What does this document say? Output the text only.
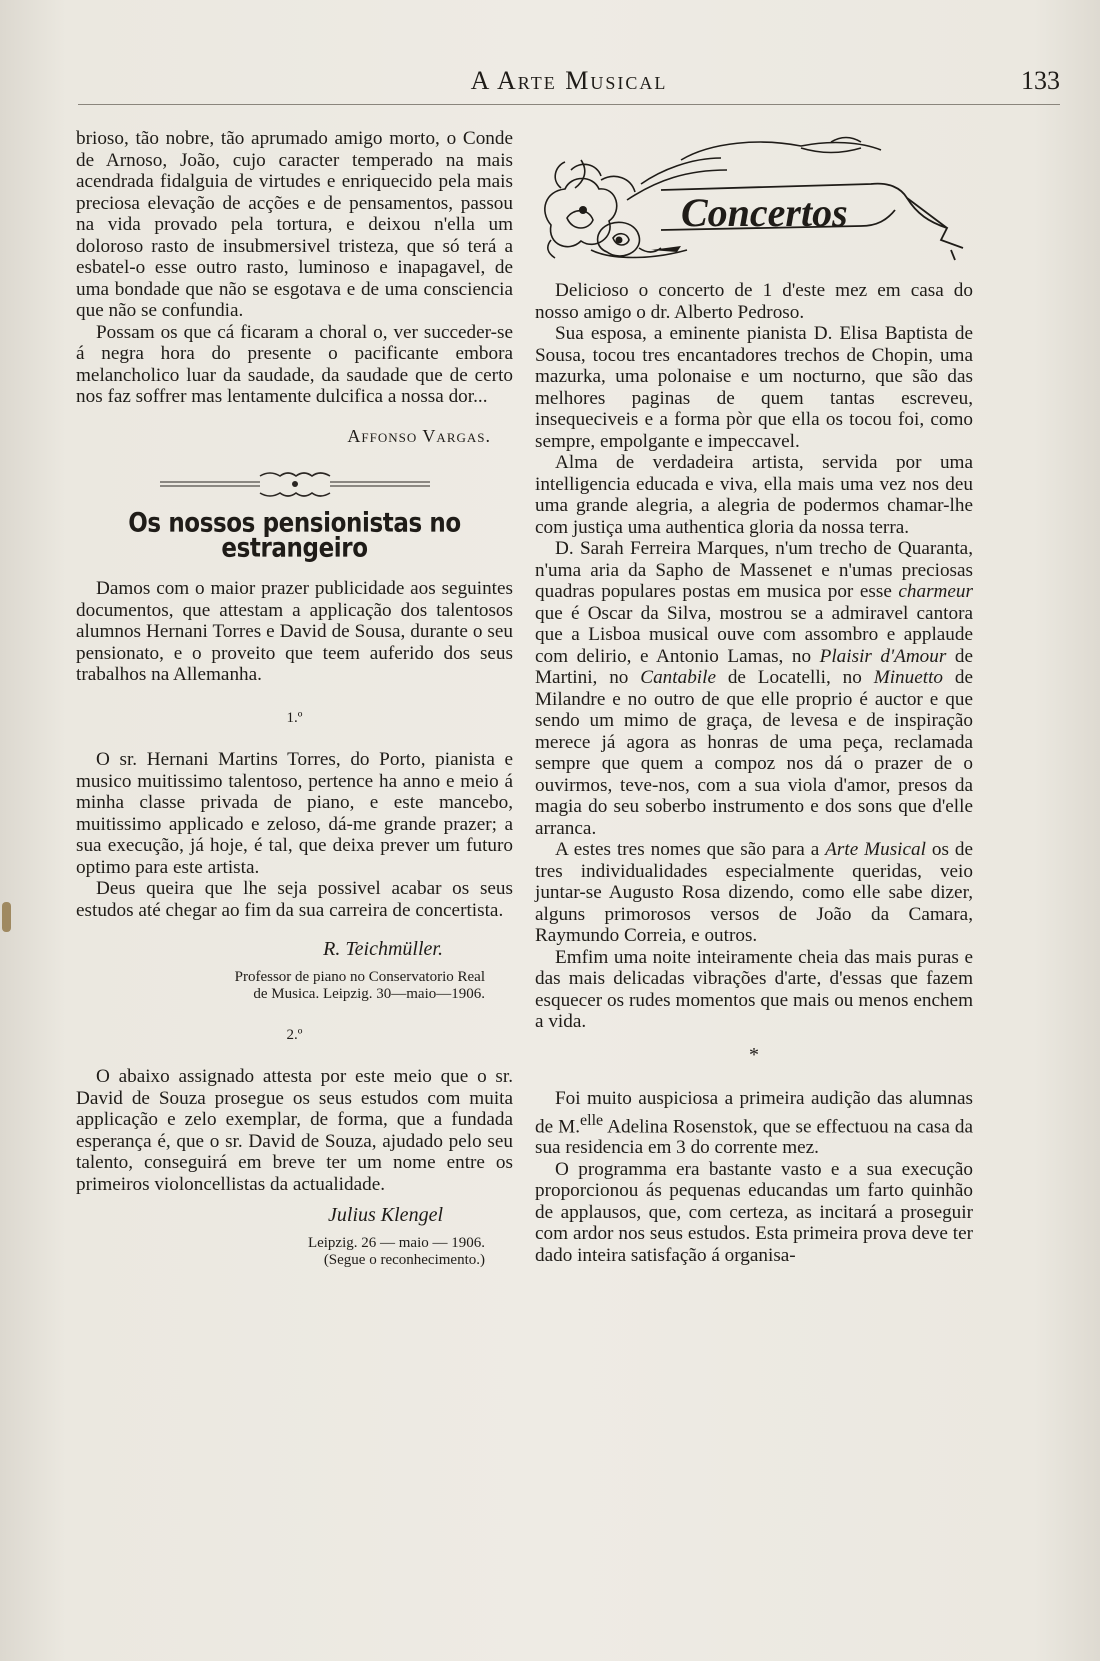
A Arte Musical	133

brioso, tão nobre, tão aprumado amigo morto, o Conde de Arnoso, João, cujo caracter temperado na mais acendrada fidalguia de virtudes e enriquecido pela mais preciosa elevação de acções e de pensamentos, passou na vida provado pela tortura, e deixou n'ella um doloroso rasto de insubmersivel tristeza, que só terá a esbatel-o esse outro rasto, luminoso e inapagavel, de uma bondade que não se esgotava e de uma consciencia que não se confundia.

Possam os que cá ficaram a choral o, ver succeder-se á negra hora do presente o pacificante embora melancholico luar da saudade, da saudade que de certo nos faz soffrer mas lentamente dulcifica a nossa dor...

Affonso Vargas.
Os nossos pensionistas no estrangeiro

Damos com o maior prazer publicidade aos seguintes documentos, que attestam a applicação dos talentosos alumnos Hernani Torres e David de Sousa, durante o seu pensionato, e o proveito que teem auferido dos seus trabalhos na Allemanha.

1.º

O sr. Hernani Martins Torres, do Porto, pianista e musico muitissimo talentoso, pertence ha anno e meio á minha classe privada de piano, e este mancebo, muitissimo applicado e zeloso, dá-me grande prazer; a sua execução, já hoje, é tal, que deixa prever um futuro optimo para este artista.

Deus queira que lhe seja possivel acabar os seus estudos até chegar ao fim da sua carreira de concertista.

R. Teichmüller.
Professor de piano no Conservatorio Real
de Musica. Leipzig. 30—maio—1906.
2.º

O abaixo assignado attesta por este meio que o sr. David de Souza prosegue os seus estudos com muita applicação e zelo exemplar, de forma, que a fundada esperança é, que o sr. David de Souza, ajudado pelo seu talento, conseguirá em breve ter um nome entre os primeiros violoncellistas da actualidade.

Julius Klengel
Leipzig. 26 — maio — 1906.
(Segue o reconhecimento.)
Concertos

Delicioso o concerto de 1 d'este mez em casa do nosso amigo o dr. Alberto Pedroso.

Sua esposa, a eminente pianista D. Elisa Baptista de Sousa, tocou tres encantadores trechos de Chopin, uma mazurka, uma polonaise e um nocturno, que são das melhores paginas de quem tantas escreveu, insequeciveis e a forma pòr que ella os tocou foi, como sempre, empolgante e impeccavel.

Alma de verdadeira artista, servida por uma intelligencia educada e viva, ella mais uma vez nos deu uma grande alegria, a alegria de podermos chamar-lhe com justiça uma authentica gloria da nossa terra.

D. Sarah Ferreira Marques, n'um trecho de Quaranta, n'uma aria da Sapho de Massenet e n'umas preciosas quadras populares postas em musica por esse charmeur que é Oscar da Silva, mostrou se a admiravel cantora que a Lisboa musical ouve com assombro e applaude com delirio, e Antonio Lamas, no Plaisir d'Amour de Martini, no Cantabile de Locatelli, no Minuetto de Milandre e no outro de que elle proprio é auctor e que sendo um mimo de graça, de levesa e de inspiração merece já agora as honras de uma peça, reclamada sempre que quem a compoz nos dá o prazer de o ouvirmos, teve-nos, com a sua viola d'amor, presos da magia do seu soberbo instrumento e dos sons que d'elle arranca.

A estes tres nomes que são para a Arte Musical os de tres individualidades especialmente queridas, veio juntar-se Augusto Rosa dizendo, como elle sabe dizer, alguns primorosos versos de João da Camara, Raymundo Correia, e outros.

Emfim uma noite inteiramente cheia das mais puras e das mais delicadas vibrações d'arte, d'essas que fazem esquecer os rudes momentos que mais ou menos enchem a vida.

*

Foi muito auspiciosa a primeira audição das alumnas de M.$^{elle}$ Adelina Rosenstok, que se effectuou na casa da sua residencia em 3 do corrente mez.

O programma era bastante vasto e a sua execução proporcionou ás pequenas educandas um farto quinhão de applausos, que, com certeza, as incitará a proseguir com ardor nos seus estudos. Esta primeira prova deve ter dado inteira satisfação á organisa-
